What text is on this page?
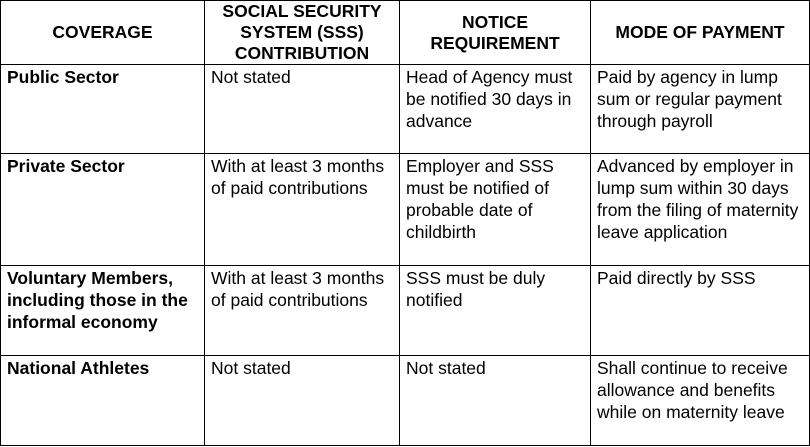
COVERAGE	SOCIAL SECURITY SYSTEM (SSS) CONTRIBUTION	NOTICE REQUIREMENT	MODE OF PAYMENT
Public Sector	Not stated	Head of Agency must be notified 30 days in advance	Paid by agency in lump sum or regular payment through payroll
Private Sector	With at least 3 months of paid contributions	Employer and SSS must be notified of probable date of childbirth	Advanced by employer in lump sum within 30 days from the filing of maternity leave application
Voluntary Members, including those in the informal economy	With at least 3 months of paid contributions	SSS must be duly notified	Paid directly by SSS
National Athletes	Not stated	Not stated	Shall continue to receive allowance and benefits while on maternity leave
